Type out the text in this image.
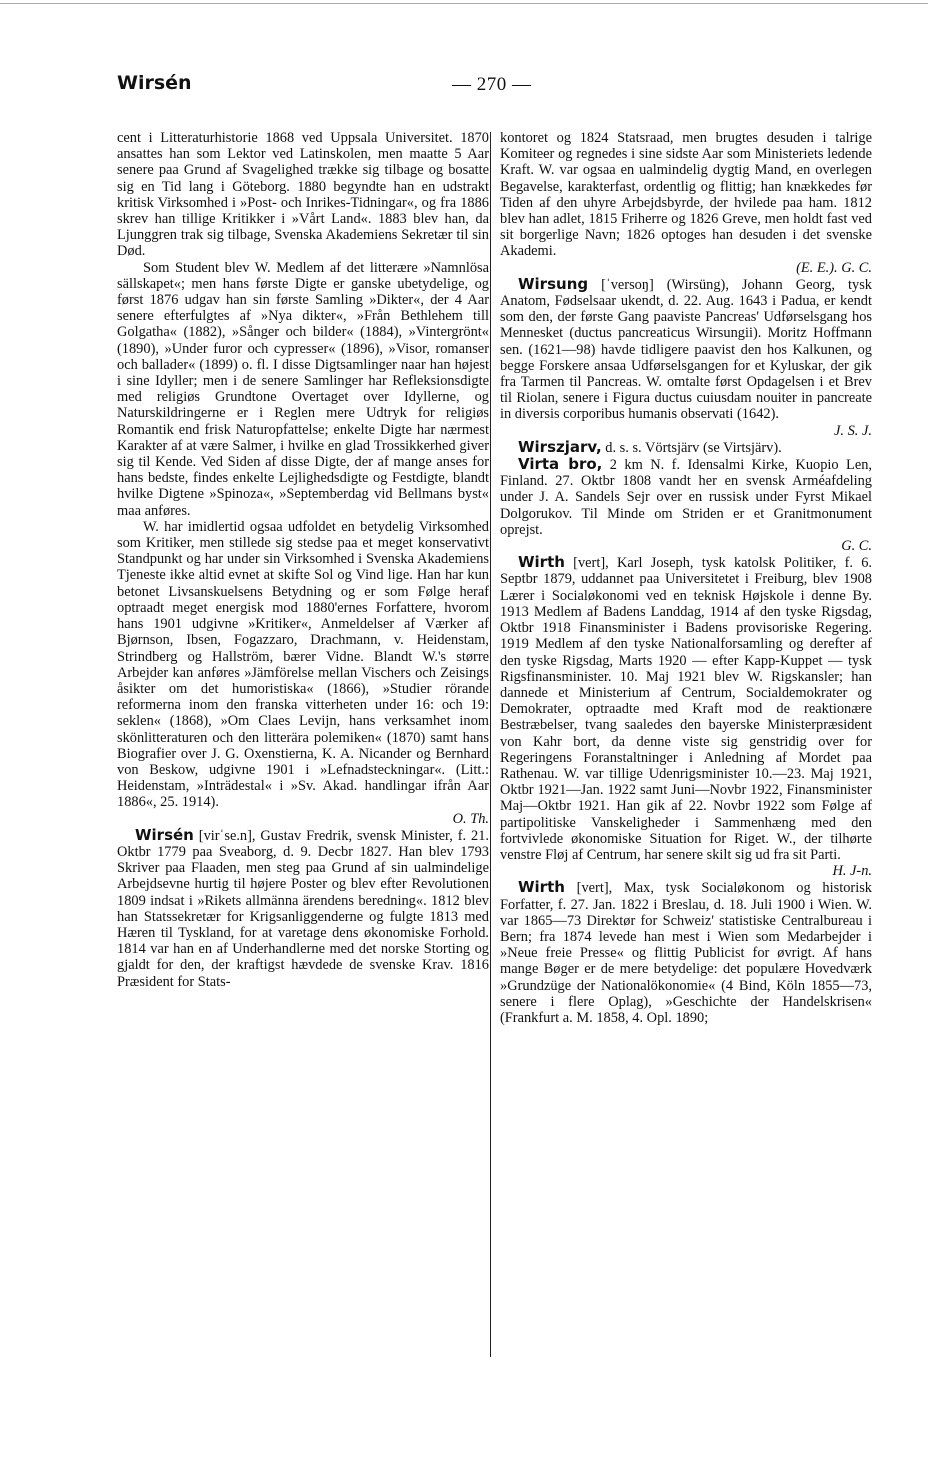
Wirsén	— 270 —

cent i Litteraturhistorie 1868 ved Uppsala Universitet. 1870 ansattes han som Lektor ved Latinskolen, men maatte 5 Aar senere paa Grund af Svagelighed trække sig tilbage og bosatte sig en Tid lang i Göteborg. 1880 begyndte han en udstrakt kritisk Virksomhed i »Post- och Inrikes-Tidningar«, og fra 1886 skrev han tillige Kritikker i »Vårt Land«. 1883 blev han, da Ljunggren trak sig tilbage, Svenska Akademiens Sekretær til sin Død.

Som Student blev W. Medlem af det litterære »Namnlösa sällskapet«; men hans første Digte er ganske ubetydelige, og først 1876 udgav han sin første Samling »Dikter«, der 4 Aar senere efterfulgtes af »Nya dikter«, »Från Bethlehem till Golgatha« (1882), »Sånger och bilder« (1884), »Vintergrönt« (1890), »Under furor och cypresser« (1896), »Visor, romanser och ballader« (1899) o. fl. I disse Digtsamlinger naar han højest i sine Idyller; men i de senere Samlinger har Refleksionsdigte med religiøs Grundtone Overtaget over Idyllerne, og Naturskildringerne er i Reglen mere Udtryk for religiøs Romantik end frisk Naturopfattelse; enkelte Digte har nærmest Karakter af at være Salmer, i hvilke en glad Trossikkerhed giver sig til Kende. Ved Siden af disse Digte, der af mange anses for hans bedste, findes enkelte Lejlighedsdigte og Festdigte, blandt hvilke Digtene »Spinoza«, »Septemberdag vid Bellmans byst« maa anføres.

W. har imidlertid ogsaa udfoldet en betydelig Virksomhed som Kritiker, men stillede sig stedse paa et meget konservativt Standpunkt og har under sin Virksomhed i Svenska Akademiens Tjeneste ikke altid evnet at skifte Sol og Vind lige. Han har kun betonet Livsanskuelsens Betydning og er som Følge heraf optraadt meget energisk mod 1880'ernes Forfattere, hvorom hans 1901 udgivne »Kritiker«, Anmeldelser af Værker af Bjørnson, Ibsen, Fogazzaro, Drachmann, v. Heidenstam, Strindberg og Hallström, bærer Vidne. Blandt W.'s større Arbejder kan anføres »Jämförelse mellan Vischers och Zeisings åsikter om det humoristiska« (1866), »Studier rörande reformerna inom den franska vitterheten under 16: och 19: seklen« (1868), »Om Claes Levijn, hans verksamhet inom skönlitteraturen och den litterära polemiken« (1870) samt hans Biografier over J. G. Oxenstierna, K. A. Nicander og Bernhard von Beskow, udgivne 1901 i »Lefnadsteckningar«. (Litt.: Heidenstam, »Inträdestal« i »Sv. Akad. handlingar ifrån Aar 1886«, 25. 1914).

O. Th.

Wirsén [virˈse.n], Gustav Fredrik, svensk Minister, f. 21. Oktbr 1779 paa Sveaborg, d. 9. Decbr 1827. Han blev 1793 Skriver paa Flaaden, men steg paa Grund af sin ualmindelige Arbejdsevne hurtig til højere Poster og blev efter Revolutionen 1809 indsat i »Rikets allmänna ärendens beredning«. 1812 blev han Statssekretær for Krigsanliggenderne og fulgte 1813 med Hæren til Tyskland, for at varetage dens økonomiske Forhold. 1814 var han en af Underhandlerne med det norske Storting og gjaldt for den, der kraftigst hævdede de svenske Krav. 1816 Præsident for Stats-

kontoret og 1824 Statsraad, men brugtes desuden i talrige Komiteer og regnedes i sine sidste Aar som Ministeriets ledende Kraft. W. var ogsaa en ualmindelig dygtig Mand, en overlegen Begavelse, karakterfast, ordentlig og flittig; han knækkedes før Tiden af den uhyre Arbejdsbyrde, der hvilede paa ham. 1812 blev han adlet, 1815 Friherre og 1826 Greve, men holdt fast ved sit borgerlige Navn; 1826 optoges han desuden i det svenske Akademi.

(E. E.). G. C.

Wirsung [ˈversoŋ] (Wirsüng), Johann Georg, tysk Anatom, Fødselsaar ukendt, d. 22. Aug. 1643 i Padua, er kendt som den, der første Gang paaviste Pancreas' Udførselsgang hos Mennesket (ductus pancreaticus Wirsungii). Moritz Hoffmann sen. (1621—98) havde tidligere paavist den hos Kalkunen, og begge Forskere ansaa Udførselsgangen for et Kyluskar, der gik fra Tarmen til Pancreas. W. omtalte først Opdagelsen i et Brev til Riolan, senere i Figura ductus cuiusdam nouiter in pancreate in diversis corporibus humanis observati (1642).

J. S. J.

Wirszjarv, d. s. s. Vörtsjärv (se Virtsjärv).

Virta bro, 2 km N. f. Idensalmi Kirke, Kuopio Len, Finland. 27. Oktbr 1808 vandt her en svensk Arméafdeling under J. A. Sandels Sejr over en russisk under Fyrst Mikael Dolgorukov. Til Minde om Striden er et Granitmonument oprejst.

G. C.

Wirth [vert], Karl Joseph, tysk katolsk Politiker, f. 6. Septbr 1879, uddannet paa Universitetet i Freiburg, blev 1908 Lærer i Socialøkonomi ved en teknisk Højskole i denne By. 1913 Medlem af Badens Landdag, 1914 af den tyske Rigsdag, Oktbr 1918 Finansminister i Badens provisoriske Regering. 1919 Medlem af den tyske Nationalforsamling og derefter af den tyske Rigsdag, Marts 1920 — efter Kapp-Kuppet — tysk Rigsfinansminister. 10. Maj 1921 blev W. Rigskansler; han dannede et Ministerium af Centrum, Socialdemokrater og Demokrater, optraadte med Kraft mod de reaktionære Bestræbelser, tvang saaledes den bayerske Ministerpræsident von Kahr bort, da denne viste sig genstridig over for Regeringens Foranstaltninger i Anledning af Mordet paa Rathenau. W. var tillige Udenrigsminister 10.—23. Maj 1921, Oktbr 1921—Jan. 1922 samt Juni—Novbr 1922, Finansminister Maj—Oktbr 1921. Han gik af 22. Novbr 1922 som Følge af partipolitiske Vanskeligheder i Sammenhæng med den fortvivlede økonomiske Situation for Riget. W., der tilhørte venstre Fløj af Centrum, har senere skilt sig ud fra sit Parti.

H. J-n.

Wirth [vert], Max, tysk Socialøkonom og historisk Forfatter, f. 27. Jan. 1822 i Breslau, d. 18. Juli 1900 i Wien. W. var 1865—73 Direktør for Schweiz' statistiske Centralbureau i Bern; fra 1874 levede han mest i Wien som Medarbejder i »Neue freie Presse« og flittig Publicist for øvrigt. Af hans mange Bøger er de mere betydelige: det populære Hovedværk »Grundzüge der Nationalökonomie« (4 Bind, Köln 1855—73, senere i flere Oplag), »Geschichte der Handelskrisen« (Frankfurt a. M. 1858, 4. Opl. 1890;
